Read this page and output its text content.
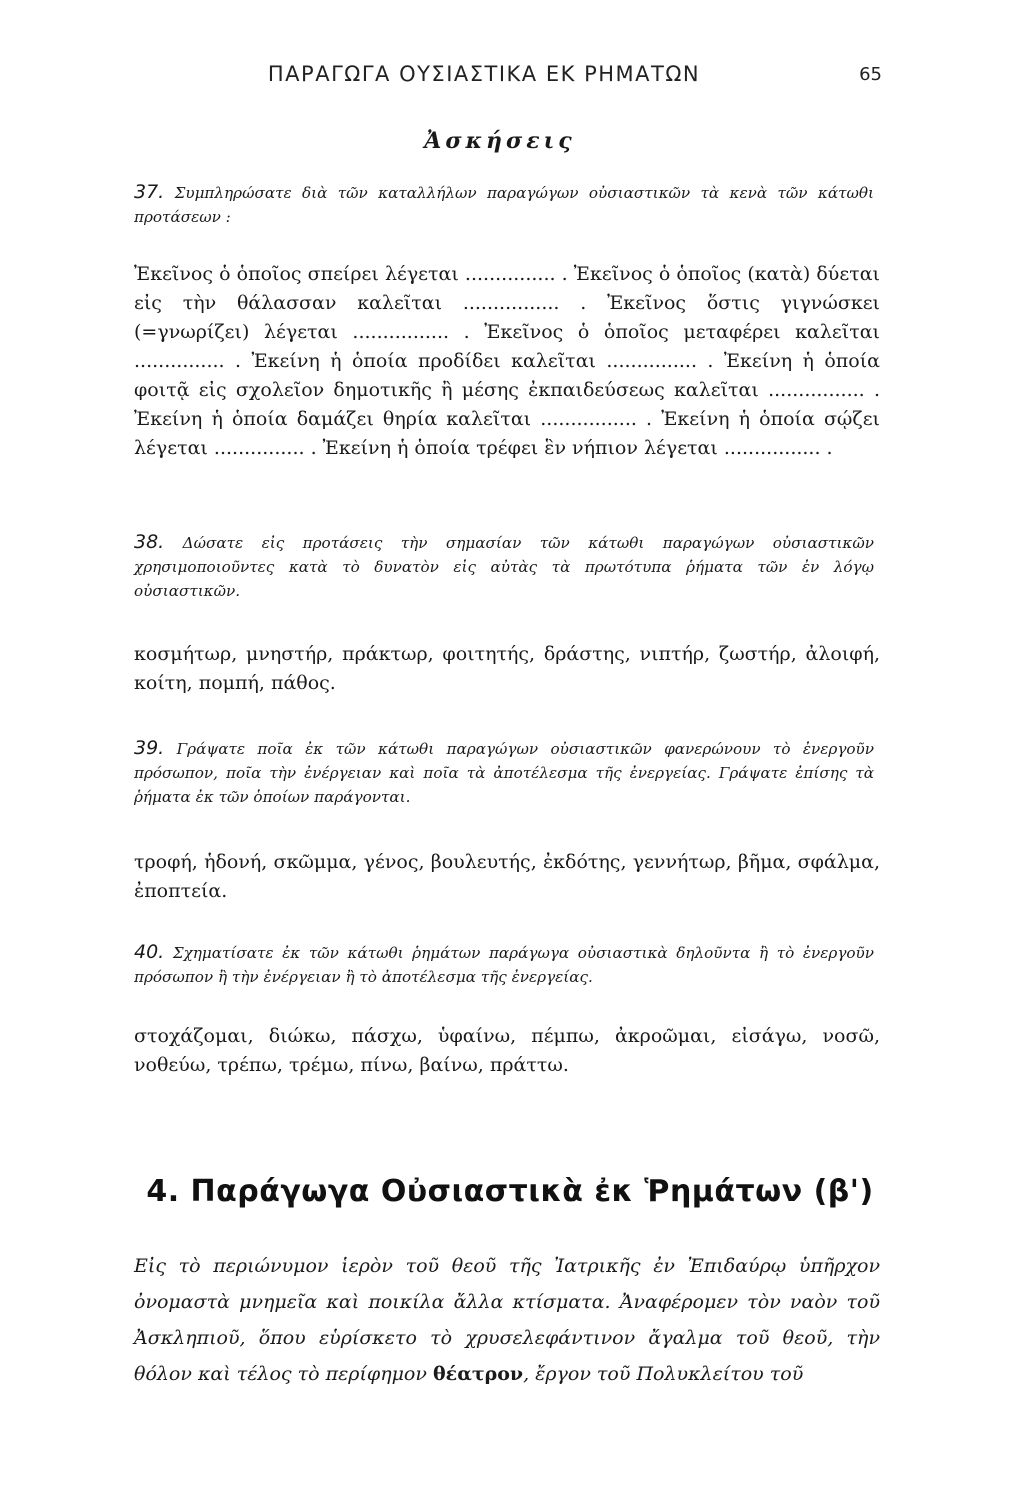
ΠΑΡΑΓΩΓΑ ΟΥΣΙΑΣΤΙΚΑ ΕΚ ΡΗΜΑΤΩΝ	65
Ἀσκήσεις
37. Συμπληρώσατε διὰ τῶν καταλλήλων παραγώγων οὐσιαστικῶν τὰ κενὰ τῶν κάτωθι προτάσεων :
Ἐκεῖνος ὁ ὁποῖος σπείρει λέγεται ............... . Ἐκεῖνος ὁ ὁποῖος (κατὰ) δύεται εἰς τὴν θάλασσαν καλεῖται ................ . Ἐκεῖνος ὅστις γιγνώσκει (=γνωρίζει) λέγεται ................ . Ἐκεῖνος ὁ ὁποῖος μεταφέρει καλεῖται ............... . Ἐκείνη ἡ ὁποία προδίδει καλεῖται ............... . Ἐκείνη ἡ ὁποία φοιτᾷ εἰς σχολεῖον δημοτικῆς ἢ μέσης ἐκπαιδεύσεως καλεῖται ................ . Ἐκείνη ἡ ὁποία δαμάζει θηρία καλεῖται ................ . Ἐκείνη ἡ ὁποία σῴζει λέγεται ............... . Ἐκείνη ἡ ὁποία τρέφει ἓν νήπιον λέγεται ................ .
38. Δώσατε εἰς προτάσεις τὴν σημασίαν τῶν κάτωθι παραγώγων οὐσιαστικῶν χρησιμοποιοῦντες κατὰ τὸ δυνατὸν εἰς αὐτὰς τὰ πρωτότυπα ῥήματα τῶν ἐν λόγῳ οὐσιαστικῶν.
κοσμήτωρ, μνηστήρ, πράκτωρ, φοιτητής, δράστης, νιπτήρ, ζωστήρ, ἀλοιφή, κοίτη, πομπή, πάθος.
39. Γράψατε ποῖα ἐκ τῶν κάτωθι παραγώγων οὐσιαστικῶν φανερώνουν τὸ ἐνεργοῦν πρόσωπον, ποῖα τὴν ἐνέργειαν καὶ ποῖα τὰ ἀποτέλεσμα τῆς ἐνεργείας. Γράψατε ἐπίσης τὰ ῥήματα ἐκ τῶν ὁποίων παράγονται.
τροφή, ἡδονή, σκῶμμα, γένος, βουλευτής, ἐκδότης, γεννήτωρ, βῆμα, σφάλμα, ἐποπτεία.
40. Σχηματίσατε ἐκ τῶν κάτωθι ῥημάτων παράγωγα οὐσιαστικὰ δηλοῦντα ἢ τὸ ἐνεργοῦν πρόσωπον ἢ τὴν ἐνέργειαν ἢ τὸ ἀποτέλεσμα τῆς ἐνεργείας.
στοχάζομαι, διώκω, πάσχω, ὑφαίνω, πέμπω, ἀκροῶμαι, εἰσάγω, νοσῶ, νοθεύω, τρέπω, τρέμω, πίνω, βαίνω, πράττω.
4. Παράγωγα Οὐσιαστικὰ ἐκ Ῥημάτων (β')
Εἰς τὸ περιώνυμον ἱερὸν τοῦ θεοῦ τῆς Ἰατρικῆς ἐν Ἐπιδαύρῳ ὑπῆρχον ὀνομαστὰ μνημεῖα καὶ ποικίλα ἄλλα κτίσματα. Ἀναφέρομεν τὸν ναὸν τοῦ Ἀσκληπιοῦ, ὅπου εὑρίσκετο τὸ χρυσελεφάντινον ἄγαλμα τοῦ θεοῦ, τὴν θόλον καὶ τέλος τὸ περίφημον θέατρον, ἔργον τοῦ Πολυκλείτου τοῦ
